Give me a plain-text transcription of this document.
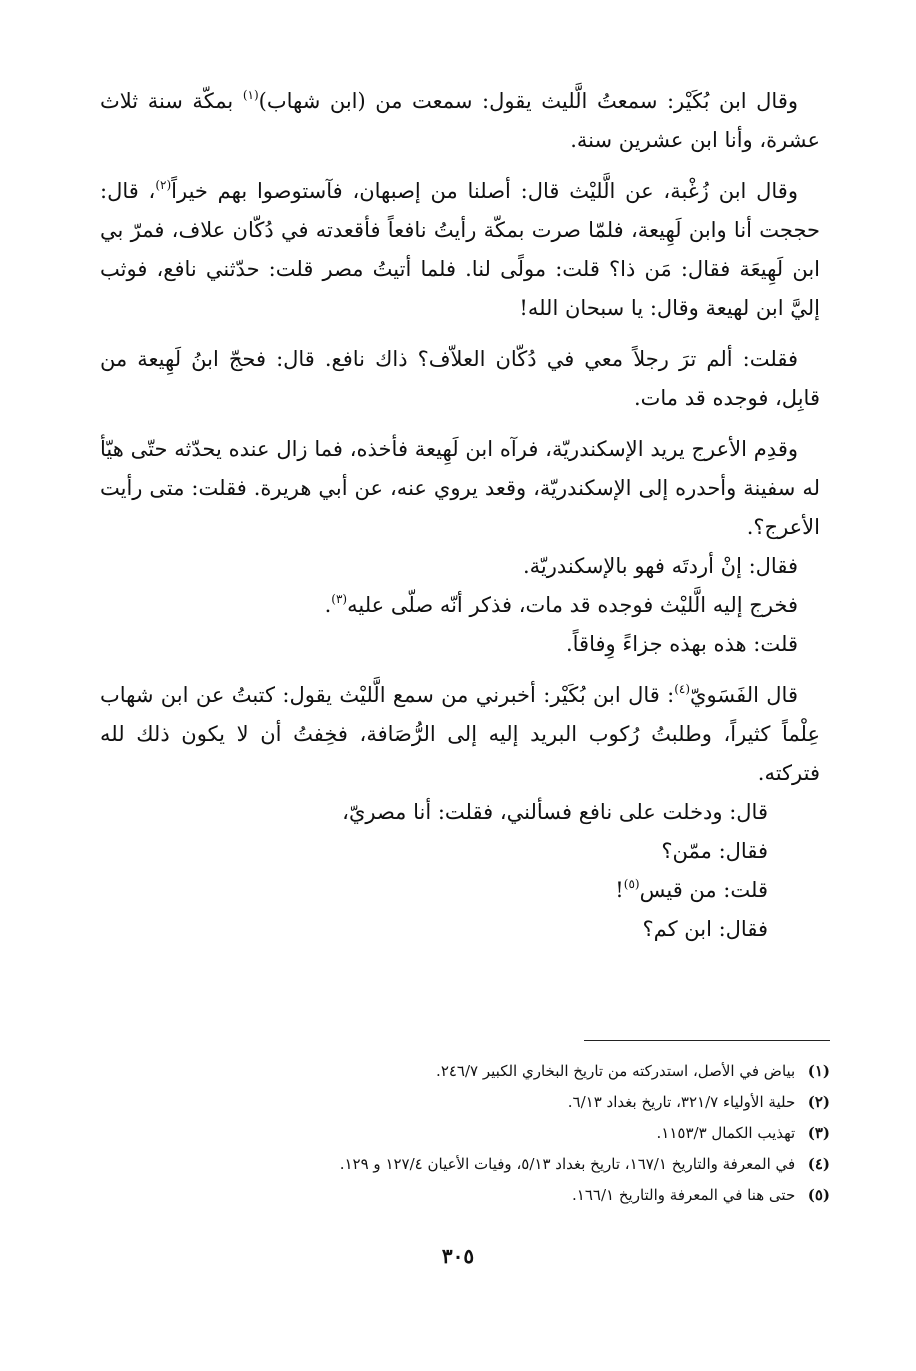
وقال ابن بُكَيْر: سمعتُ الَّليث يقول: سمعت من (ابن شهاب)$^{(١)}$ بمكّة سنة ثلاث عشرة، وأنا ابن عشرين سنة.

وقال ابن زُغْبة، عن الَّليْث قال: أصلنا من إصبهان، فآستوصوا بهم خيراً$^{(٢)}$، قال: حججت أنا وابن لَهِيعة، فلمّا صرت بمكّة رأيتُ نافعاً فأقعدته في دُكّان علاف، فمرّ بي ابن لَهِيعَة فقال: مَن ذا؟ قلت: مولًى لنا. فلما أتيتُ مصر قلت: حدّثني نافع، فوثب إليَّ ابن لهيعة وقال: يا سبحان الله!

فقلت: ألم ترَ رجلاً معي في دُكّان العلاّف؟ ذاك نافع. قال: فحجّ ابنُ لَهِيعة من قابِل، فوجده قد مات.

وقدِم الأعرج يريد الإسكندريّة، فرآه ابن لَهِيعة فأخذه، فما زال عنده يحدّثه حتّى هيّأ له سفينة وأحدره إلى الإسكندريّة، وقعد يروي عنه، عن أبي هريرة. فقلت: متى رأيت الأعرج؟.

فقال: إنْ أردتَه فهو بالإسكندريّة.

فخرج إليه الَّليْث فوجده قد مات، فذكر أنّه صلّى عليه$^{(٣)}$.

قلت: هذه بهذه جزاءً وِفاقاً.

قال الفَسَويّ$^{(٤)}$: قال ابن بُكَيْر: أخبرني من سمع الَّليْث يقول: كتبتُ عن ابن شهاب عِلْماً كثيراً، وطلبتُ رُكوب البريد إليه إلى الرُّصَافة، فخِفتُ أن لا يكون ذلك لله فتركته.

قال: ودخلت على نافع فسألني، فقلت: أنا مصريّ،

فقال: ممّن؟

قلت: من قيس$^{(٥)}$!

فقال: ابن كم؟

(١) بياض في الأصل، استدركته من تاريخ البخاري الكبير ٢٤٦/٧.

(٢) حلية الأولياء ٣٢١/٧، تاريخ بغداد ٦/١٣.

(٣) تهذيب الكمال ١١٥٣/٣.

(٤) في المعرفة والتاريخ ١٦٧/١، تاريخ بغداد ٥/١٣، وفيات الأعيان ١٢٧/٤ و ١٢٩.

(٥) حتى هنا في المعرفة والتاريخ ١٦٦/١.

٣٠٥
